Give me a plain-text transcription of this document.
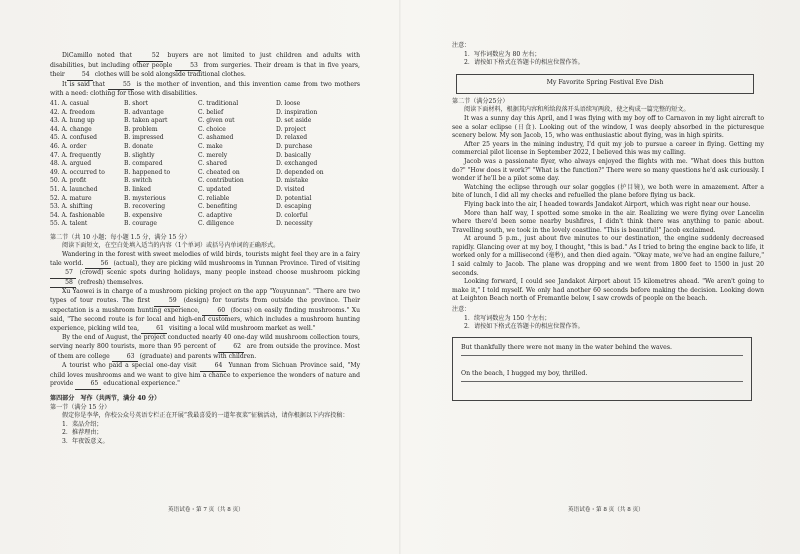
DiCamillo noted that	52 buyers are not limited to just children and adults with disabilities, but including other people	53 from surgeries. Their dream is that in five years, their	54 clothes will be sold alongside traditional clothes.

It is said that	55 is the mother of invention, and this invention came from two mothers with a need: clothing for those with disabilities.

41. A. casual	B. short	C. traditional	D. loose
42. A. freedom	B. advantage	C. belief	D. inspiration
43. A. hung up	B. taken apart	C. given out	D. set aside
44. A. change	B. problem	C. choice	D. project
45. A. confused	B. impressed	C. ashamed	D. relaxed
46. A. order	B. donate	C. make	D. purchase
47. A. frequently	B. slightly	C. merely	D. basically
48. A. argued	B. compared	C. shared	D. exchanged
49. A. occurred to	B. happened to	C. cheated on	D. depended on
50. A. profit	B. switch	C. contribution	D. mistake
51. A. launched	B. linked	C. updated	D. visited
52. A. mature	B. mysterious	C. reliable	D. potential
53. A. shifting	B. recovering	C. benefiting	D. escaping
54. A. fashionable	B. expensive	C. adaptive	D. colorful
55. A. talent	B. courage	C. diligence	D. necessity

第二节（共 10 小题；每小题 1.5 分，满分 15 分）

阅读下面短文，在空白处填入适当的内容（1个单词）或括号内单词的正确形式。

Wandering in the forest with sweet melodies of wild birds, tourists might feel they are in a fairy tale world.	56 (actual), they are picking wild mushrooms in Yunnan Province. Tired of visiting 57 (crowd) scenic spots during holidays, many people instead choose mushroom picking 58 (refresh) themselves.

Xu Yaowei is in charge of a mushroom picking project on the app "Youyunnan". "There are two types of tour routes. The first	59 (design) for tourists from outside the province. Their expectation is a mushroom hunting experience,	60 (focus) on easily finding mushrooms." Xu said, "The second route is for local and high-end customers, which includes a mushroom hunting experience, picking wild tea,	61 visiting a local wild mushroom market as well."

By the end of August, the project conducted nearly 40 one-day wild mushroom collection tours, serving nearly 800 tourists, more than 95 percent of	62 are from outside the province. Most of them are college	63 (graduate) and parents with children.

A tourist who paid a special one-day visit	64 Yunnan from Sichuan Province said, "My child loves mushrooms and we want to give him a chance to experience the wonders of nature and provide	65 educational experience."

第四部分　写作（共两节，满分 40 分）

第一节（满分 15 分）

假定你是李华，你校公众号英语专栏正在开展“我最喜爱的一道年夜菜”征稿活动，请你根据以下内容投稿：

1．菜品介绍；

2．推荐理由；

3．年夜饭意义。

英语试卷・第 7 页（共 8 页）

注意：

1．写作词数应为 80 左右；

2．请按如下格式在答题卡的相应位置作答。

My Favorite Spring Festival Eve Dish

第二节（满分25分）

阅读下面材料，根据其内容和所给段落开头语续写两段，使之构成一篇完整的短文。

It was a sunny day this April, and I was flying with my boy off to Carnavon in my light aircraft to see a solar eclipse (日食). Looking out of the window, I was deeply absorbed in the picturesque scenery below. My son Jacob, 15, who was enthusiastic about flying, was in high spirits.

After 25 years in the mining industry, I'd quit my job to pursue a career in flying. Getting my commercial pilot license in September 2022, I believed this was my calling.

Jacob was a passionate flyer, who always enjoyed the flights with me. "What does this button do?" "How does it work?" "What is the function?" There were so many questions he'd ask curiously. I wonder if he'll be a pilot some day.

Watching the eclipse through our solar goggles (护目镜), we both were in amazement. After a bite of lunch, I did all my checks and refuelled the plane before flying us back.

Flying back into the air, I headed towards Jandakot Airport, which was right near our house.

More than half way, I spotted some smoke in the air. Realizing we were flying over Lancelin where there'd been some nearby bushfires, I didn't think there was anything to panic about. Travelling south, we took in the lovely coastline. "This is beautiful!" Jacob exclaimed.

At around 5 p.m., just about five minutes to our destination, the engine suddenly decreased rapidly. Glancing over at my boy, I thought, "this is bad." As I tried to bring the engine back to life, it worked only for a millisecond (毫秒), and then died again. "Okay mate, we've had an engine failure," I said calmly to Jacob. The plane was dropping and we went from 1800 feet to 1500 in just 20 seconds.

Looking forward, I could see Jandakot Airport about 15 kilometres ahead. "We aren't going to make it," I told myself. We only had another 60 seconds before making the decision. Looking down at Leighton Beach north of Fremantle below, I saw crowds of people on the beach.

注意：

1．续写词数应为 150 个左右；

2．请按如下格式在答题卡的相应位置作答。

But thankfully there were not many in the water behind the waves.
On the beach, I hugged my boy, thrilled.
英语试卷・第 8 页（共 8 页）
